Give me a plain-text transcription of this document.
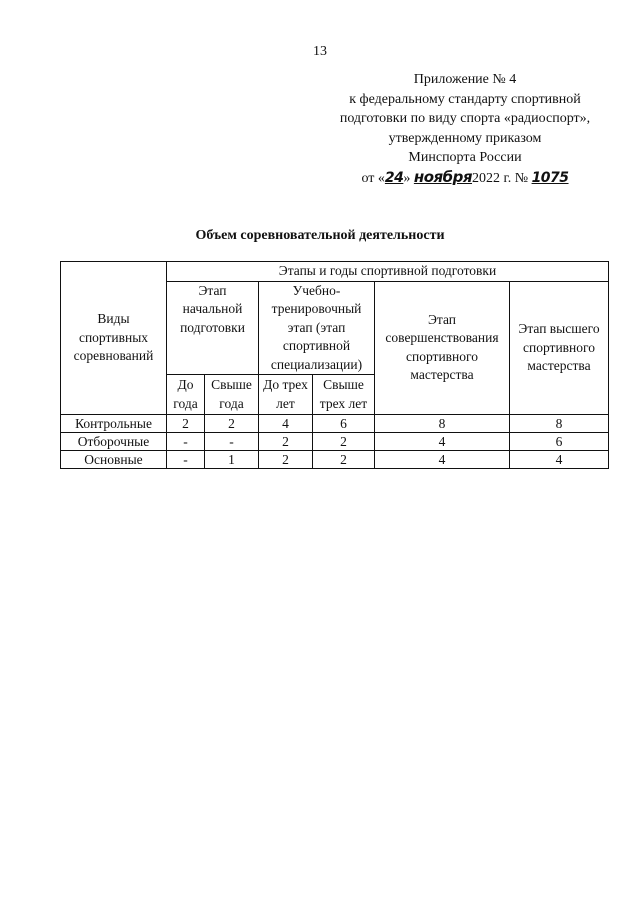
13
Приложение № 4
к федеральному стандарту спортивной
подготовки по виду спорта «радиоспорт»,
утвержденному приказом
Минспорта России
от «24» ноября2022 г. № 1075
Объем соревновательной деятельности
Виды спортивных соревнований	Этапы и годы спортивной подготовки					
	Этап начальной подготовки		Учебно-тренировочный этап (этап спортивной специализации)		Этап совершенствования спортивного мастерства	Этап высшего спортивного мастерства
	До года	Свыше года	До трех лет	Свыше трех лет		
Контрольные	2	2	4	6	8	8
Отборочные	-	-	2	2	4	6
Основные	-	1	2	2	4	4
